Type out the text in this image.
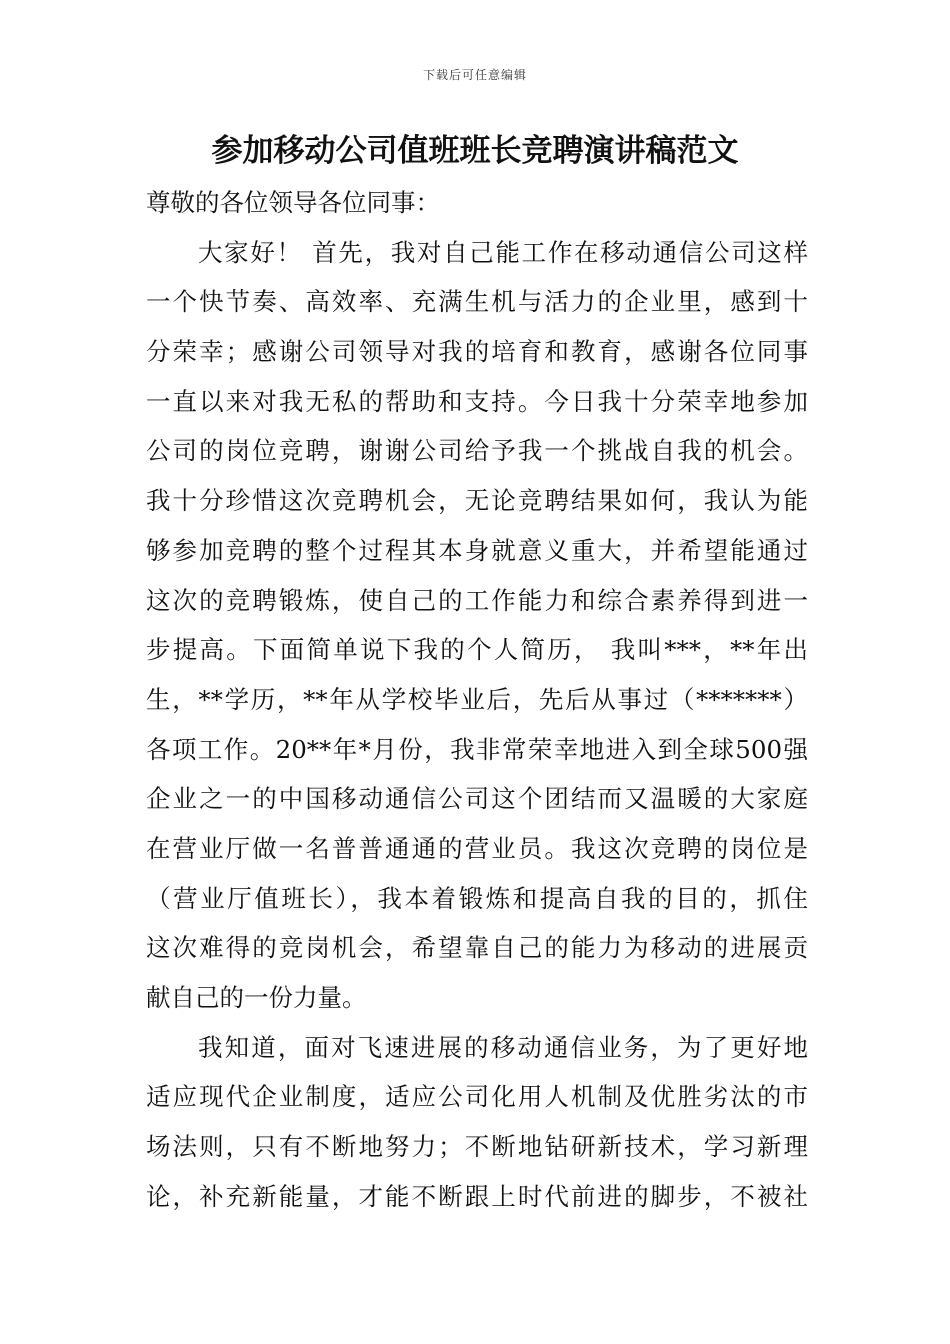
下载后可任意编辑
参加移动公司值班班长竞聘演讲稿范文
尊敬的各位领导各位同事：
大家好！ 首先，我对自己能工作在移动通信公司这样
一个快节奏、高效率、充满生机与活力的企业里，感到十
分荣幸；感谢公司领导对我的培育和教育，感谢各位同事
一直以来对我无私的帮助和支持。今日我十分荣幸地参加
公司的岗位竞聘，谢谢公司给予我一个挑战自我的机会。
我十分珍惜这次竞聘机会，无论竞聘结果如何，我认为能
够参加竞聘的整个过程其本身就意义重大，并希望能通过
这次的竞聘锻炼，使自己的工作能力和综合素养得到进一
步提高。下面简单说下我的个人简历， 我叫***，**年出
生，**学历，**年从学校毕业后，先后从事过（*******）
各项工作。20**年*月份，我非常荣幸地进入到全球500强
企业之一的中国移动通信公司这个团结而又温暖的大家庭
在营业厅做一名普普通通的营业员。我这次竞聘的岗位是
（营业厅值班长），我本着锻炼和提高自我的目的，抓住
这次难得的竞岗机会，希望靠自己的能力为移动的进展贡
献自己的一份力量。
我知道，面对飞速进展的移动通信业务，为了更好地
适应现代企业制度，适应公司化用人机制及优胜劣汰的市
场法则，只有不断地努力；不断地钻研新技术，学习新理
论，补充新能量，才能不断跟上时代前进的脚步，不被社
